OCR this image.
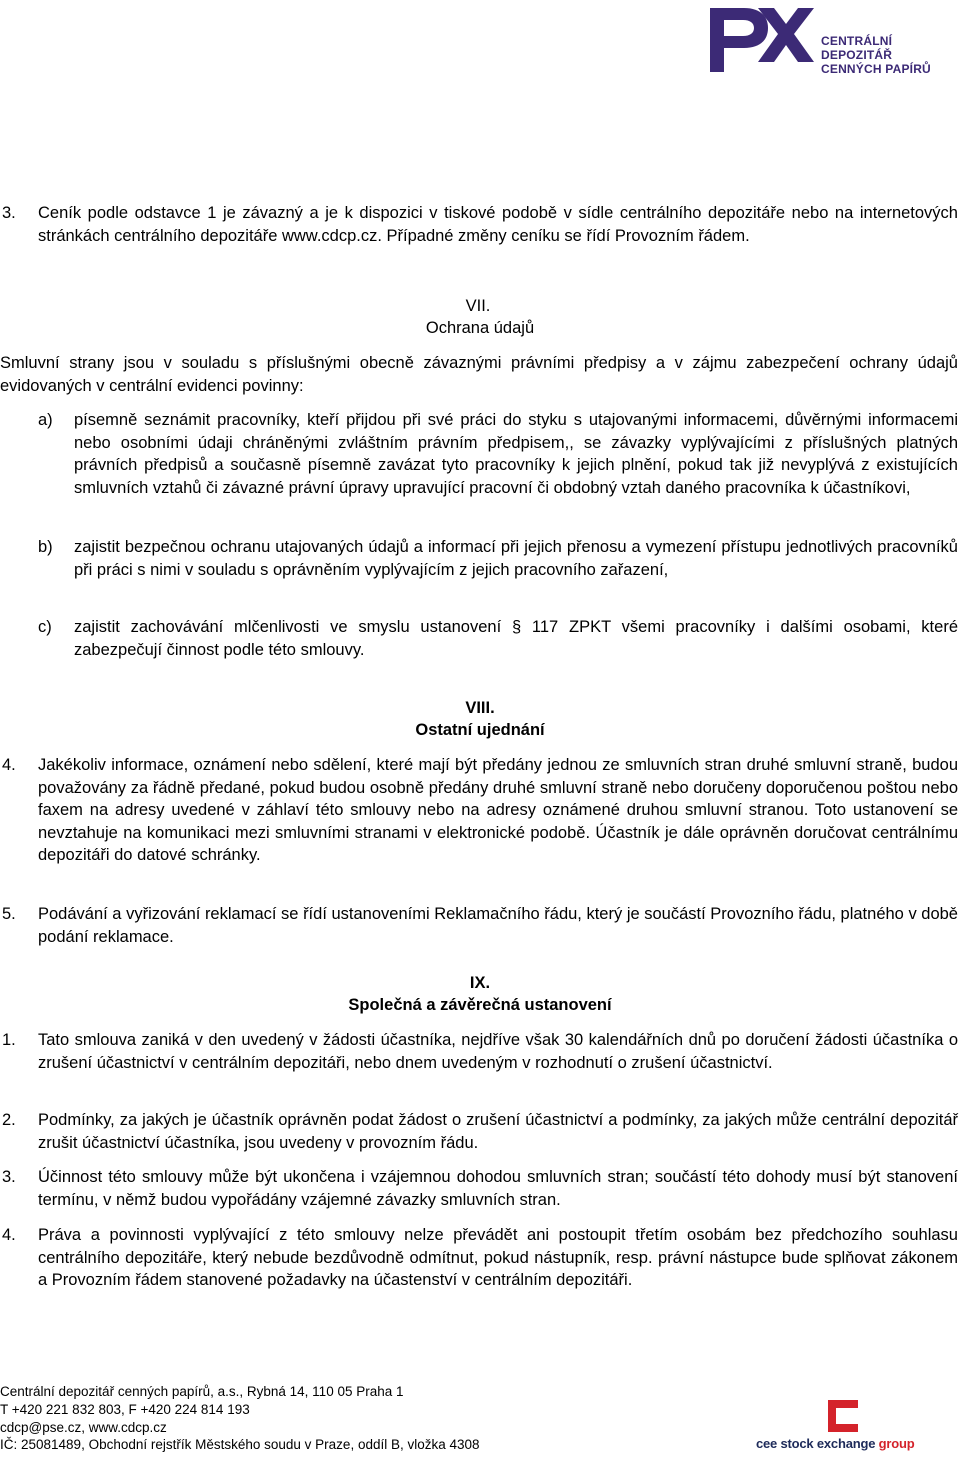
CENTRÁLNÍ DEPOZITÁŘ
CENNÝCH PAPÍRŮ
3. Ceník podle odstavce 1 je závazný a je k dispozici v tiskové podobě v sídle centrálního depozitáře nebo na internetových stránkách centrálního depozitáře www.cdcp.cz. Případné změny ceníku se řídí Provozním řádem.
VII.
Ochrana údajů
Smluvní strany jsou v souladu s příslušnými obecně závaznými právními předpisy a v zájmu zabezpečení ochrany údajů evidovaných v centrální evidenci povinny:
a) písemně seznámit pracovníky, kteří přijdou při své práci do styku s utajovanými informacemi, důvěrnými informacemi nebo osobními údaji chráněnými zvláštním právním předpisem,, se závazky vyplývajícími z příslušných platných právních předpisů a současně písemně zavázat tyto pracovníky k jejich plnění, pokud tak již nevyplývá z existujících smluvních vztahů či závazné právní úpravy upravující pracovní či obdobný vztah daného pracovníka k účastníkovi,
b) zajistit bezpečnou ochranu utajovaných údajů a informací při jejich přenosu a vymezení přístupu jednotlivých pracovníků při práci s nimi v souladu s oprávněním vyplývajícím z jejich pracovního zařazení,
c) zajistit zachovávání mlčenlivosti ve smyslu ustanovení § 117 ZPKT všemi pracovníky i dalšími osobami, které zabezpečují činnost podle této smlouvy.
VIII.
Ostatní ujednání
4. Jakékoliv informace, oznámení nebo sdělení, které mají být předány jednou ze smluvních stran druhé smluvní straně, budou považovány za řádně předané, pokud budou osobně předány druhé smluvní straně nebo doručeny doporučenou poštou nebo faxem na adresy uvedené v záhlaví této smlouvy nebo na adresy oznámené druhou smluvní stranou. Toto ustanovení se nevztahuje na komunikaci mezi smluvními stranami v elektronické podobě. Účastník je dále oprávněn doručovat centrálnímu depozitáři do datové schránky.
5. Podávání a vyřizování reklamací se řídí ustanoveními Reklamačního řádu, který je součástí Provozního řádu, platného v době podání reklamace.
IX.
Společná a závěrečná ustanovení
1. Tato smlouva zaniká v den uvedený v žádosti účastníka, nejdříve však 30 kalendářních dnů po doručení žádosti účastníka o zrušení účastnictví v centrálním depozitáři, nebo dnem uvedeným v rozhodnutí o zrušení účastnictví.
2. Podmínky, za jakých je účastník oprávněn podat žádost o zrušení účastnictví a podmínky, za jakých může centrální depozitář zrušit účastnictví účastníka, jsou uvedeny v provozním řádu.
3. Účinnost této smlouvy může být ukončena i vzájemnou dohodou smluvních stran; součástí této dohody musí být stanovení termínu, v němž budou vypořádány vzájemné závazky smluvních stran.
4. Práva a povinnosti vyplývající z této smlouvy nelze převádět ani postoupit třetím osobám bez předchozího souhlasu centrálního depozitáře, který nebude bezdůvodně odmítnut, pokud nástupník, resp. právní nástupce bude splňovat zákonem a Provozním řádem stanovené požadavky na účastenství v centrálním depozitáři.
Centrální depozitář cenných papírů, a.s., Rybná 14, 110 05 Praha 1
T +420 221 832 803, F +420 224 814 193
cdcp@pse.cz, www.cdcp.cz
IČ: 25081489, Obchodní rejstřík Městského soudu v Praze, oddíl B, vložka 4308	cee stock exchange group
